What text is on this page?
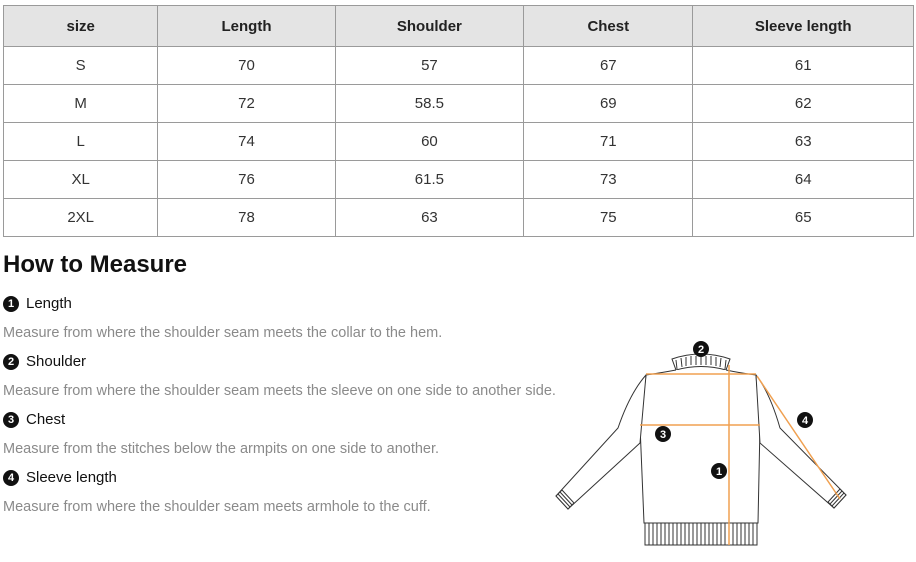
size	Length	Shoulder	Chest	Sleeve length
S	70	57	67	61
M	72	58.5	69	62
L	74	60	71	63
XL	76	61.5	73	64
2XL	78	63	75	65
How to Measure
1 Length
Measure from where the shoulder seam meets the collar to the hem.
2 Shoulder
Measure from where the shoulder seam meets the sleeve on one side to another side.
3 Chest
Measure from the stitches below the armpits on one side to another.
4 Sleeve length
Measure from where the shoulder seam meets armhole to the cuff.
2
3
1
4
